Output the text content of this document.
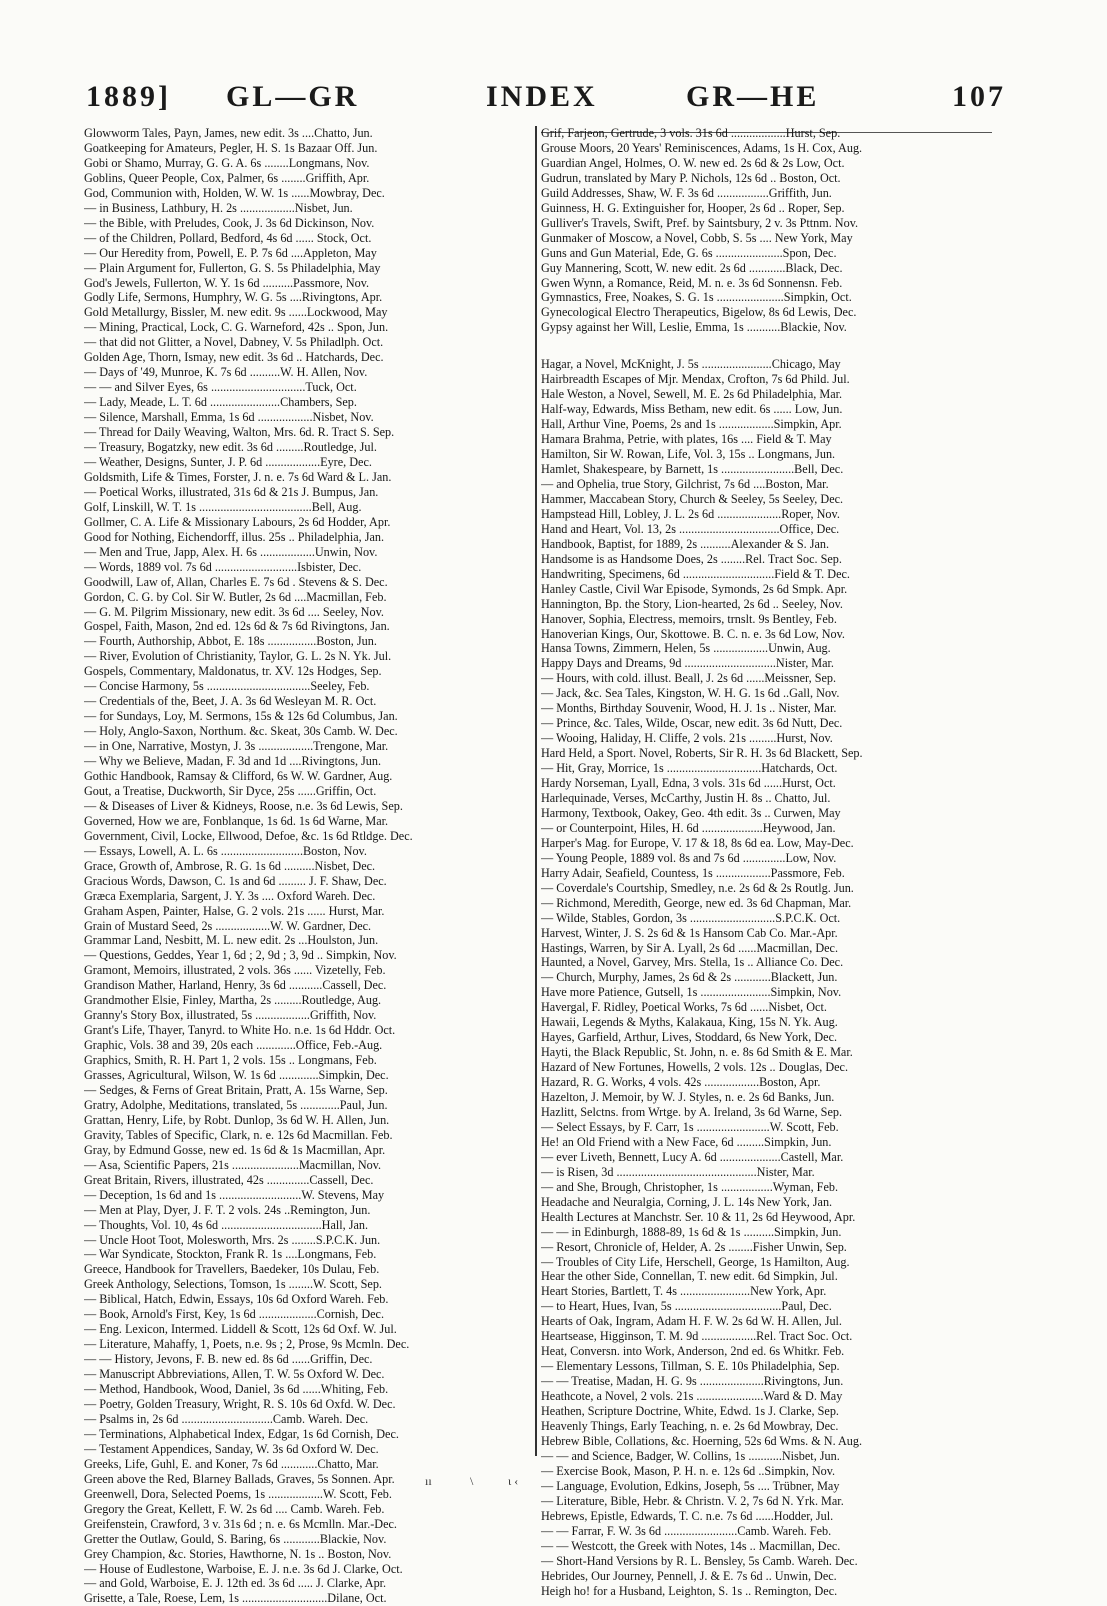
1889] GL—GR	INDEX	GR—HE	107
Glowworm Tales, Payn, James, new edit. 3s ....Chatto, Jun.
Goatkeeping for Amateurs, Pegler, H. S. 1s Bazaar Off. Jun.
Gobi or Shamo, Murray, G. G. A. 6s ........Longmans, Nov.
Goblins, Queer People, Cox, Palmer, 6s ........Griffith, Apr.
God, Communion with, Holden, W. W. 1s ......Mowbray, Dec.
— in Business, Lathbury, H. 2s ..................Nisbet, Jun.
— the Bible, with Preludes, Cook, J. 3s 6d Dickinson, Nov.
— of the Children, Pollard, Bedford, 4s 6d ...... Stock, Oct.
— Our Heredity from, Powell, E. P. 7s 6d ....Appleton, May
— Plain Argument for, Fullerton, G. S. 5s Philadelphia, May
God's Jewels, Fullerton, W. Y. 1s 6d ..........Passmore, Nov.
Godly Life, Sermons, Humphry, W. G. 5s ....Rivingtons, Apr.
Gold Metallurgy, Bissler, M. new edit. 9s ......Lockwood, May
— Mining, Practical, Lock, C. G. Warneford, 42s .. Spon, Jun.
— that did not Glitter, a Novel, Dabney, V. 5s Philadlph. Oct.
Golden Age, Thorn, Ismay, new edit. 3s 6d .. Hatchards, Dec.
— Days of '49, Munroe, K. 7s 6d ..........W. H. Allen, Nov.
— — and Silver Eyes, 6s ...............................Tuck, Oct.
— Lady, Meade, L. T. 6d .......................Chambers, Sep.
— Silence, Marshall, Emma, 1s 6d ..................Nisbet, Nov.
— Thread for Daily Weaving, Walton, Mrs. 6d. R. Tract S. Sep.
— Treasury, Bogatzky, new edit. 3s 6d .........Routledge, Jul.
— Weather, Designs, Sunter, J. P. 6d ..................Eyre, Dec.
Goldsmith, Life & Times, Forster, J. n. e. 7s 6d Ward & L. Jan.
— Poetical Works, illustrated, 31s 6d & 21s J. Bumpus, Jan.
Golf, Linskill, W. T. 1s .....................................Bell, Aug.
Gollmer, C. A. Life & Missionary Labours, 2s 6d Hodder, Apr.
Good for Nothing, Eichendorff, illus. 25s .. Philadelphia, Jan.
— Men and True, Japp, Alex. H. 6s ..................Unwin, Nov.
— Words, 1889 vol. 7s 6d ...........................Isbister, Dec.
Goodwill, Law of, Allan, Charles E. 7s 6d . Stevens & S. Dec.
Gordon, C. G. by Col. Sir W. Butler, 2s 6d ....Macmillan, Feb.
— G. M. Pilgrim Missionary, new edit. 3s 6d .... Seeley, Nov.
Gospel, Faith, Mason, 2nd ed. 12s 6d & 7s 6d Rivingtons, Jan.
— Fourth, Authorship, Abbot, E. 18s ................Boston, Jun.
— River, Evolution of Christianity, Taylor, G. L. 2s N. Yk. Jul.
Gospels, Commentary, Maldonatus, tr. XV. 12s Hodges, Sep.
— Concise Harmony, 5s ..................................Seeley, Feb.
— Credentials of the, Beet, J. A. 3s 6d Wesleyan M. R. Oct.
— for Sundays, Loy, M. Sermons, 15s & 12s 6d Columbus, Jan.
— Holy, Anglo-Saxon, Northum. &c. Skeat, 30s Camb. W. Dec.
— in One, Narrative, Mostyn, J. 3s ..................Trengone, Mar.
— Why we Believe, Madan, F. 3d and 1d ....Rivingtons, Jun.
Gothic Handbook, Ramsay & Clifford, 6s W. W. Gardner, Aug.
Gout, a Treatise, Duckworth, Sir Dyce, 25s ......Griffin, Oct.
— & Diseases of Liver & Kidneys, Roose, n.e. 3s 6d Lewis, Sep.
Governed, How we are, Fonblanque, 1s 6d. 1s 6d Warne, Mar.
Government, Civil, Locke, Ellwood, Defoe, &c. 1s 6d Rtldge. Dec.
— Essays, Lowell, A. L. 6s ...........................Boston, Nov.
Grace, Growth of, Ambrose, R. G. 1s 6d ..........Nisbet, Dec.
Gracious Words, Dawson, C. 1s and 6d ......... J. F. Shaw, Dec.
Græca Exemplaria, Sargent, J. Y. 3s .... Oxford Wareh. Dec.
Graham Aspen, Painter, Halse, G. 2 vols. 21s ...... Hurst, Mar.
Grain of Mustard Seed, 2s ..................W. W. Gardner, Dec.
Grammar Land, Nesbitt, M. L. new edit. 2s ...Houlston, Jun.
— Questions, Geddes, Year 1, 6d ; 2, 9d ; 3, 9d .. Simpkin, Nov.
Gramont, Memoirs, illustrated, 2 vols. 36s ...... Vizetelly, Feb.
Grandison Mather, Harland, Henry, 3s 6d ...........Cassell, Dec.
Grandmother Elsie, Finley, Martha, 2s .........Routledge, Aug.
Granny's Story Box, illustrated, 5s ..................Griffith, Nov.
Grant's Life, Thayer, Tanyrd. to White Ho. n.e. 1s 6d Hddr. Oct.
Graphic, Vols. 38 and 39, 20s each .............Office, Feb.-Aug.
Graphics, Smith, R. H. Part 1, 2 vols. 15s .. Longmans, Feb.
Grasses, Agricultural, Wilson, W. 1s 6d .............Simpkin, Dec.
— Sedges, & Ferns of Great Britain, Pratt, A. 15s Warne, Sep.
Gratry, Adolphe, Meditations, translated, 5s .............Paul, Jun.
Grattan, Henry, Life, by Robt. Dunlop, 3s 6d W. H. Allen, Jun.
Gravity, Tables of Specific, Clark, n. e. 12s 6d Macmillan. Feb.
Gray, by Edmund Gosse, new ed. 1s 6d & 1s Macmillan, Apr.
— Asa, Scientific Papers, 21s ......................Macmillan, Nov.
Great Britain, Rivers, illustrated, 42s ..............Cassell, Dec.
— Deception, 1s 6d and 1s ...........................W. Stevens, May
— Men at Play, Dyer, J. F. T. 2 vols. 24s ..Remington, Jun.
— Thoughts, Vol. 10, 4s 6d .................................Hall, Jan.
— Uncle Hoot Toot, Molesworth, Mrs. 2s ........S.P.C.K. Jun.
— War Syndicate, Stockton, Frank R. 1s ....Longmans, Feb.
Greece, Handbook for Travellers, Baedeker, 10s Dulau, Feb.
Greek Anthology, Selections, Tomson, 1s ........W. Scott, Sep.
— Biblical, Hatch, Edwin, Essays, 10s 6d Oxford Wareh. Feb.
— Book, Arnold's First, Key, 1s 6d ...................Cornish, Dec.
— Eng. Lexicon, Intermed. Liddell & Scott, 12s 6d Oxf. W. Jul.
— Literature, Mahaffy, 1, Poets, n.e. 9s ; 2, Prose, 9s Mcmln. Dec.
— — History, Jevons, F. B. new ed. 8s 6d ......Griffin, Dec.
— Manuscript Abbreviations, Allen, T. W. 5s Oxford W. Dec.
— Method, Handbook, Wood, Daniel, 3s 6d ......Whiting, Feb.
— Poetry, Golden Treasury, Wright, R. S. 10s 6d Oxfd. W. Dec.
— Psalms in, 2s 6d ..............................Camb. Wareh. Dec.
— Terminations, Alphabetical Index, Edgar, 1s 6d Cornish, Dec.
— Testament Appendices, Sanday, W. 3s 6d Oxford W. Dec.
Greeks, Life, Guhl, E. and Koner, 7s 6d ............Chatto, Mar.
Green above the Red, Blarney Ballads, Graves, 5s Sonnen. Apr.
Greenwell, Dora, Selected Poems, 1s ..................W. Scott, Feb.
Gregory the Great, Kellett, F. W. 2s 6d .... Camb. Wareh. Feb.
Greifenstein, Crawford, 3 v. 31s 6d ; n. e. 6s Mcmlln. Mar.-Dec.
Gretter the Outlaw, Gould, S. Baring, 6s ............Blackie, Nov.
Grey Champion, &c. Stories, Hawthorne, N. 1s .. Boston, Nov.
— House of Eudlestone, Warboise, E. J. n.e. 3s 6d J. Clarke, Oct.
— and Gold, Warboise, E. J. 12th ed. 3s 6d ..... J. Clarke, Apr.
Grisette, a Tale, Roese, Lem, 1s ............................Dilane, Oct.
Grif, Farjeon, Gertrude, 3 vols. 31s 6d ..................Hurst, Sep.
Grouse Moors, 20 Years' Reminiscences, Adams, 1s H. Cox, Aug.
Guardian Angel, Holmes, O. W. new ed. 2s 6d & 2s Low, Oct.
Gudrun, translated by Mary P. Nichols, 12s 6d .. Boston, Oct.
Guild Addresses, Shaw, W. F. 3s 6d .................Griffith, Jun.
Guinness, H. G. Extinguisher for, Hooper, 2s 6d .. Roper, Sep.
Gulliver's Travels, Swift, Pref. by Saintsbury, 2 v. 3s Pttnm. Nov.
Gunmaker of Moscow, a Novel, Cobb, S. 5s .... New York, May
Guns and Gun Material, Ede, G. 6s ......................Spon, Dec.
Guy Mannering, Scott, W. new edit. 2s 6d ............Black, Dec.
Gwen Wynn, a Romance, Reid, M. n. e. 3s 6d Sonnensn. Feb.
Gymnastics, Free, Noakes, S. G. 1s ......................Simpkin, Oct.
Gynecological Electro Therapeutics, Bigelow, 8s 6d Lewis, Dec.
Gypsy against her Will, Leslie, Emma, 1s ...........Blackie, Nov.
Hagar, a Novel, McKnight, J. 5s .......................Chicago, May
Hairbreadth Escapes of Mjr. Mendax, Crofton, 7s 6d Phild. Jul.
Hale Weston, a Novel, Sewell, M. E. 2s 6d Philadelphia, Mar.
Half-way, Edwards, Miss Betham, new edit. 6s ...... Low, Jun.
Hall, Arthur Vine, Poems, 2s and 1s ..................Simpkin, Apr.
Hamara Brahma, Petrie, with plates, 16s .... Field & T. May
Hamilton, Sir W. Rowan, Life, Vol. 3, 15s .. Longmans, Jun.
Hamlet, Shakespeare, by Barnett, 1s ........................Bell, Dec.
— and Ophelia, true Story, Gilchrist, 7s 6d ....Boston, Mar.
Hammer, Maccabean Story, Church & Seeley, 5s Seeley, Dec.
Hampstead Hill, Lobley, J. L. 2s 6d .....................Roper, Nov.
Hand and Heart, Vol. 13, 2s .................................Office, Dec.
Handbook, Baptist, for 1889, 2s ..........Alexander & S. Jan.
Handsome is as Handsome Does, 2s ........Rel. Tract Soc. Sep.
Handwriting, Specimens, 6d ..............................Field & T. Dec.
Hanley Castle, Civil War Episode, Symonds, 2s 6d Smpk. Apr.
Hannington, Bp. the Story, Lion-hearted, 2s 6d .. Seeley, Nov.
Hanover, Sophia, Electress, memoirs, trnslt. 9s Bentley, Feb.
Hanoverian Kings, Our, Skottowe. B. C. n. e. 3s 6d Low, Nov.
Hansa Towns, Zimmern, Helen, 5s ..................Unwin, Aug.
Happy Days and Dreams, 9d ..............................Nister, Mar.
— Hours, with cold. illust. Beall, J. 2s 6d ......Meissner, Sep.
— Jack, &c. Sea Tales, Kingston, W. H. G. 1s 6d ..Gall, Nov.
— Months, Birthday Souvenir, Wood, H. J. 1s .. Nister, Mar.
— Prince, &c. Tales, Wilde, Oscar, new edit. 3s 6d Nutt, Dec.
— Wooing, Haliday, H. Cliffe, 2 vols. 21s .........Hurst, Nov.
Hard Held, a Sport. Novel, Roberts, Sir R. H. 3s 6d Blackett, Sep.
— Hit, Gray, Morrice, 1s ...............................Hatchards, Oct.
Hardy Norseman, Lyall, Edna, 3 vols. 31s 6d ......Hurst, Oct.
Harlequinade, Verses, McCarthy, Justin H. 8s .. Chatto, Jul.
Harmony, Textbook, Oakey, Geo. 4th edit. 3s .. Curwen, May
— or Counterpoint, Hiles, H. 6d ....................Heywood, Jan.
Harper's Mag. for Europe, V. 17 & 18, 8s 6d ea. Low, May-Dec.
— Young People, 1889 vol. 8s and 7s 6d ..............Low, Nov.
Harry Adair, Seafield, Countess, 1s ..................Passmore, Feb.
— Coverdale's Courtship, Smedley, n.e. 2s 6d & 2s Routlg. Jun.
— Richmond, Meredith, George, new ed. 3s 6d Chapman, Mar.
— Wilde, Stables, Gordon, 3s ............................S.P.C.K. Oct.
Harvest, Winter, J. S. 2s 6d & 1s Hansom Cab Co. Mar.-Apr.
Hastings, Warren, by Sir A. Lyall, 2s 6d ......Macmillan, Dec.
Haunted, a Novel, Garvey, Mrs. Stella, 1s .. Alliance Co. Dec.
— Church, Murphy, James, 2s 6d & 2s ............Blackett, Jun.
Have more Patience, Gutsell, 1s .......................Simpkin, Nov.
Havergal, F. Ridley, Poetical Works, 7s 6d ......Nisbet, Oct.
Hawaii, Legends & Myths, Kalakaua, King, 15s N. Yk. Aug.
Hayes, Garfield, Arthur, Lives, Stoddard, 6s New York, Dec.
Hayti, the Black Republic, St. John, n. e. 8s 6d Smith & E. Mar.
Hazard of New Fortunes, Howells, 2 vols. 12s .. Douglas, Dec.
Hazard, R. G. Works, 4 vols. 42s ..................Boston, Apr.
Hazelton, J. Memoir, by W. J. Styles, n. e. 2s 6d Banks, Jun.
Hazlitt, Selctns. from Wrtge. by A. Ireland, 3s 6d Warne, Sep.
— Select Essays, by F. Carr, 1s ........................W. Scott, Feb.
He! an Old Friend with a New Face, 6d .........Simpkin, Jun.
— ever Liveth, Bennett, Lucy A. 6d ....................Castell, Mar.
— is Risen, 3d ..............................................Nister, Mar.
— and She, Brough, Christopher, 1s .................Wyman, Feb.
Headache and Neuralgia, Corning, J. L. 14s New York, Jan.
Health Lectures at Manchstr. Ser. 10 & 11, 2s 6d Heywood, Apr.
— — in Edinburgh, 1888-89, 1s 6d & 1s ..........Simpkin, Jun.
— Resort, Chronicle of, Helder, A. 2s ........Fisher Unwin, Sep.
— Troubles of City Life, Herschell, George, 1s Hamilton, Aug.
Hear the other Side, Connellan, T. new edit. 6d Simpkin, Jul.
Heart Stories, Bartlett, T. 4s .......................New York, Apr.
— to Heart, Hues, Ivan, 5s ...................................Paul, Dec.
Hearts of Oak, Ingram, Adam H. F. W. 2s 6d W. H. Allen, Jul.
Heartsease, Higginson, T. M. 9d ..................Rel. Tract Soc. Oct.
Heat, Conversn. into Work, Anderson, 2nd ed. 6s Whitkr. Feb.
— Elementary Lessons, Tillman, S. E. 10s Philadelphia, Sep.
— — Treatise, Madan, H. G. 9s .....................Rivingtons, Jun.
Heathcote, a Novel, 2 vols. 21s ......................Ward & D. May
Heathen, Scripture Doctrine, White, Edwd. 1s J. Clarke, Sep.
Heavenly Things, Early Teaching, n. e. 2s 6d Mowbray, Dec.
Hebrew Bible, Collations, &c. Hoerning, 52s 6d Wms. & N. Aug.
— — and Science, Badger, W. Collins, 1s ...........Nisbet, Jun.
— Exercise Book, Mason, P. H. n. e. 12s 6d ..Simpkin, Nov.
— Language, Evolution, Edkins, Joseph, 5s .... Trübner, May
— Literature, Bible, Hebr. & Christn. V. 2, 7s 6d N. Yrk. Mar.
Hebrews, Epistle, Edwards, T. C. n.e. 7s 6d ......Hodder, Jul.
— — Farrar, F. W. 3s 6d ........................Camb. Wareh. Feb.
— — Westcott, the Greek with Notes, 14s .. Macmillan, Dec.
— Short-Hand Versions by R. L. Bensley, 5s Camb. Wareh. Dec.
Hebrides, Our Journey, Pennell, J. & E. 7s 6d .. Unwin, Dec.
Heigh ho! for a Husband, Leighton, S. 1s .. Remington, Dec.
ıı	\	ι ‹
